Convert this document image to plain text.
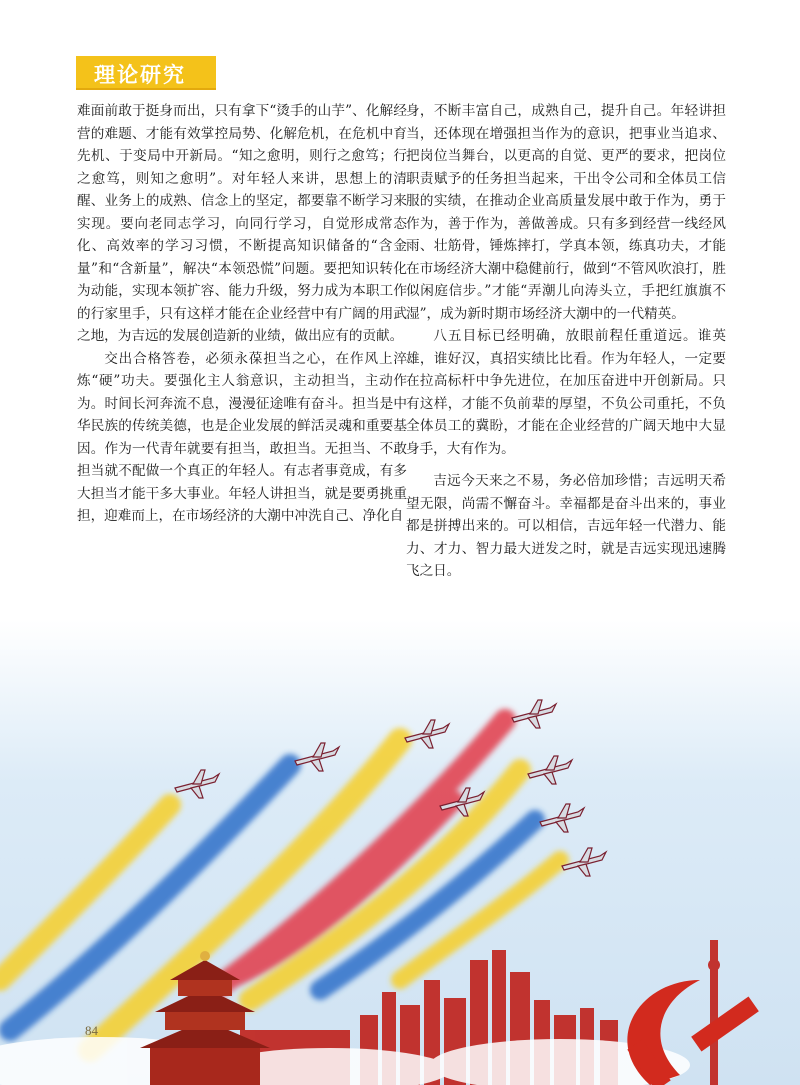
理论研究

难面前敢于挺身而出，只有拿下“烫手的山芋”、化解经营的难题、才能有效掌控局势、化解危机，在危机中育先机、于变局中开新局。“知之愈明，则行之愈笃；行之愈笃，则知之愈明”。对年轻人来讲，思想上的清醒、业务上的成熟、信念上的坚定，都要靠不断学习来实现。要向老同志学习，向同行学习，自觉形成常态化、高效率的学习习惯，不断提高知识储备的“含金量”和“含新量”，解决“本领恐慌”问题。要把知识转化为动能，实现本领扩容、能力升级，努力成为本职工作的行家里手，只有这样才能在企业经营中有广阔的用武之地，为吉远的发展创造新的业绩，做出应有的贡献。

交出合格答卷，必须永葆担当之心，在作风上淬炼“硬”功夫。要强化主人翁意识，主动担当，主动作为。时间长河奔流不息，漫漫征途唯有奋斗。担当是中华民族的传统美德，也是企业发展的鲜活灵魂和重要基因。作为一代青年就要有担当，敢担当。无担当、不敢担当就不配做一个真正的年轻人。有志者事竟成，有多大担当才能干多大事业。年轻人讲担当，就是要勇挑重担，迎难而上，在市场经济的大潮中冲洗自己、净化自

身，不断丰富自己，成熟自己，提升自己。年轻讲担当，还体现在增强担当作为的意识，把事业当追求、把岗位当舞台，以更高的自觉、更严的要求，把岗位职责赋予的任务担当起来，干出令公司和全体员工信服的实绩，在推动企业高质量发展中敢于作为，勇于作为，善于作为，善做善成。只有多到经营一线经风雨、壮筋骨，锤炼摔打，学真本领，练真功夫，才能在市场经济大潮中稳健前行，做到“不管风吹浪打，胜似闲庭信步。”才能“弄潮儿向涛头立，手把红旗旗不湿”，成为新时期市场经济大潮中的一代精英。

八五目标已经明确，放眼前程任重道远。谁英雄，谁好汉，真招实绩比比看。作为年轻人，一定要在拉高标杆中争先进位，在加压奋进中开创新局。只有这样，才能不负前辈的厚望，不负公司重托，不负全体员工的冀盼，才能在企业经营的广阔天地中大显身手，大有作为。

吉远今天来之不易，务必倍加珍惜；吉远明天希望无限，尚需不懈奋斗。幸福都是奋斗出来的，事业都是拼搏出来的。可以相信，吉远年轻一代潜力、能力、才力、智力最大迸发之时，就是吉远实现迅速腾飞之日。

84
